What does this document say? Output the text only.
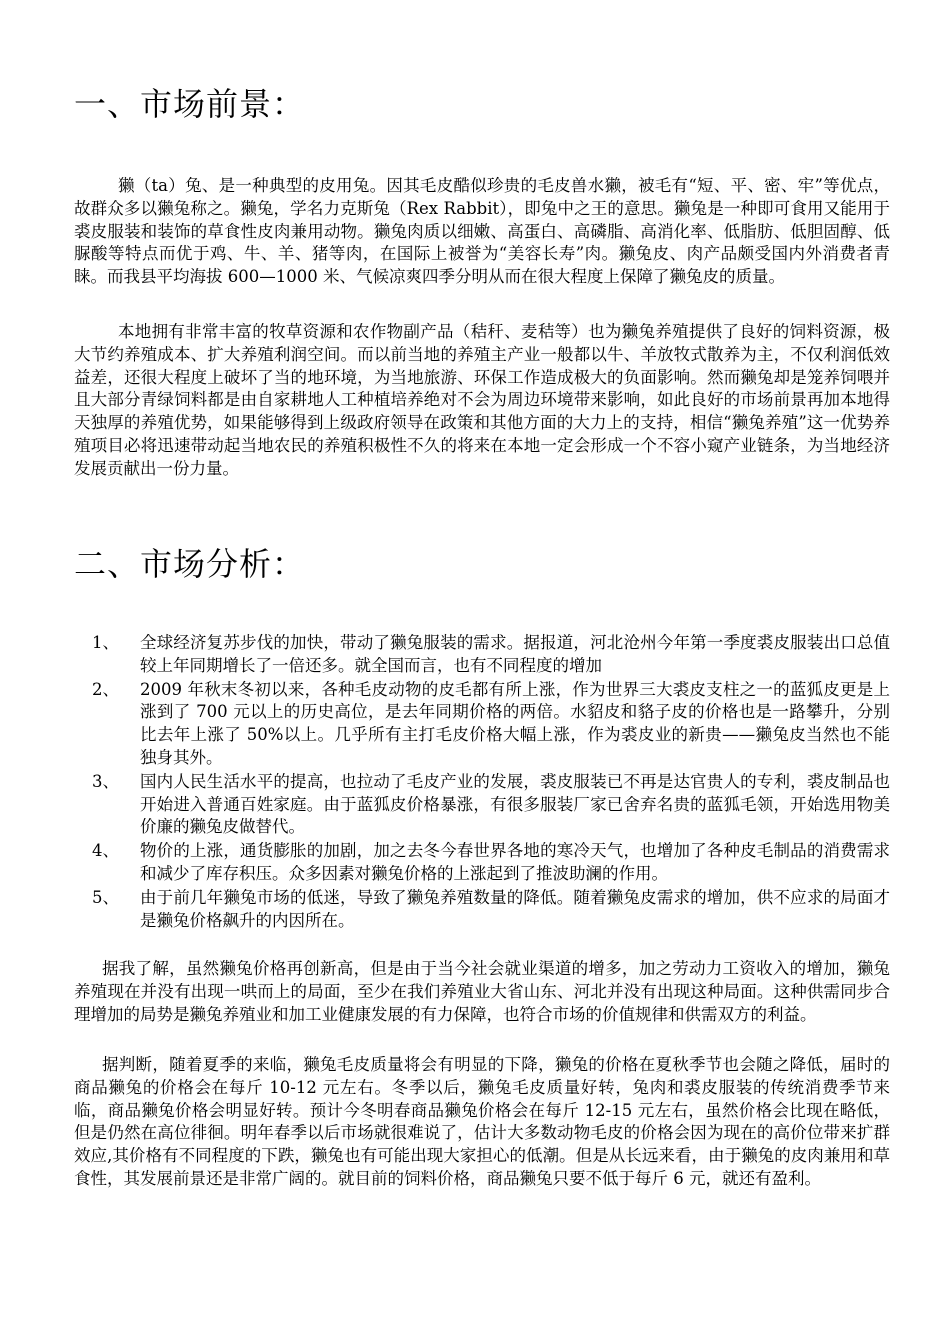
一、市场前景：

獭（ta）兔、是一种典型的皮用兔。因其毛皮酷似珍贵的毛皮兽水獭，被毛有“短、平、密、牢”等优点，故群众多以獭兔称之。獭兔，学名力克斯兔（Rex Rabbit），即兔中之王的意思。獭兔是一种即可食用又能用于裘皮服装和装饰的草食性皮肉兼用动物。獭兔肉质以细嫩、高蛋白、高磷脂、高消化率、低脂肪、低胆固醇、低脲酸等特点而优于鸡、牛、羊、猪等肉，在国际上被誉为“美容长寿”肉。獭兔皮、肉产品颇受国内外消费者青睐。而我县平均海拔 600—1000 米、气候凉爽四季分明从而在很大程度上保障了獭兔皮的质量。

本地拥有非常丰富的牧草资源和农作物副产品（秸秆、麦秸等）也为獭兔养殖提供了良好的饲料资源，极大节约养殖成本、扩大养殖利润空间。而以前当地的养殖主产业一般都以牛、羊放牧式散养为主，不仅利润低效益差，还很大程度上破坏了当的地环境，为当地旅游、环保工作造成极大的负面影响。然而獭兔却是笼养饲喂并且大部分青绿饲料都是由自家耕地人工种植培养绝对不会为周边环境带来影响，如此良好的市场前景再加本地得天独厚的养殖优势，如果能够得到上级政府领导在政策和其他方面的大力上的支持，相信“獭兔养殖”这一优势养殖项目必将迅速带动起当地农民的养殖积极性不久的将来在本地一定会形成一个不容小窥产业链条，为当地经济发展贡献出一份力量。

二、市场分析：
1、	全球经济复苏步伐的加快，带动了獭兔服装的需求。据报道，河北沧州今年第一季度裘皮服装出口总值较上年同期增长了一倍还多。就全国而言，也有不同程度的增加
2、	2009 年秋末冬初以来，各种毛皮动物的皮毛都有所上涨，作为世界三大裘皮支柱之一的蓝狐皮更是上涨到了 700 元以上的历史高位，是去年同期价格的两倍。水貂皮和貉子皮的价格也是一路攀升，分别比去年上涨了 50%以上。几乎所有主打毛皮价格大幅上涨，作为裘皮业的新贵——獭兔皮当然也不能独身其外。
3、	国内人民生活水平的提高，也拉动了毛皮产业的发展，裘皮服装已不再是达官贵人的专利，裘皮制品也开始进入普通百姓家庭。由于蓝狐皮价格暴涨，有很多服装厂家已舍弃名贵的蓝狐毛领，开始选用物美价廉的獭兔皮做替代。
4、	物价的上涨，通货膨胀的加剧，加之去冬今春世界各地的寒冷天气，也增加了各种皮毛制品的消费需求和减少了库存积压。众多因素对獭兔价格的上涨起到了推波助澜的作用。
5、	由于前几年獭兔市场的低迷，导致了獭兔养殖数量的降低。随着獭兔皮需求的增加，供不应求的局面才是獭兔价格飙升的内因所在。

据我了解，虽然獭兔价格再创新高，但是由于当今社会就业渠道的增多，加之劳动力工资收入的增加，獭兔养殖现在并没有出现一哄而上的局面，至少在我们养殖业大省山东、河北并没有出现这种局面。这种供需同步合理增加的局势是獭兔养殖业和加工业健康发展的有力保障，也符合市场的价值规律和供需双方的利益。

据判断，随着夏季的来临，獭兔毛皮质量将会有明显的下降，獭兔的价格在夏秋季节也会随之降低，届时的商品獭兔的价格会在每斤 10-12 元左右。冬季以后，獭兔毛皮质量好转，兔肉和裘皮服装的传统消费季节来临，商品獭兔价格会明显好转。预计今冬明春商品獭兔价格会在每斤 12-15 元左右，虽然价格会比现在略低，但是仍然在高位徘徊。明年春季以后市场就很难说了，估计大多数动物毛皮的价格会因为现在的高价位带来扩群效应,其价格有不同程度的下跌，獭兔也有可能出现大家担心的低潮。但是从长远来看，由于獭兔的皮肉兼用和草食性，其发展前景还是非常广阔的。就目前的饲料价格，商品獭兔只要不低于每斤 6 元，就还有盈利。
